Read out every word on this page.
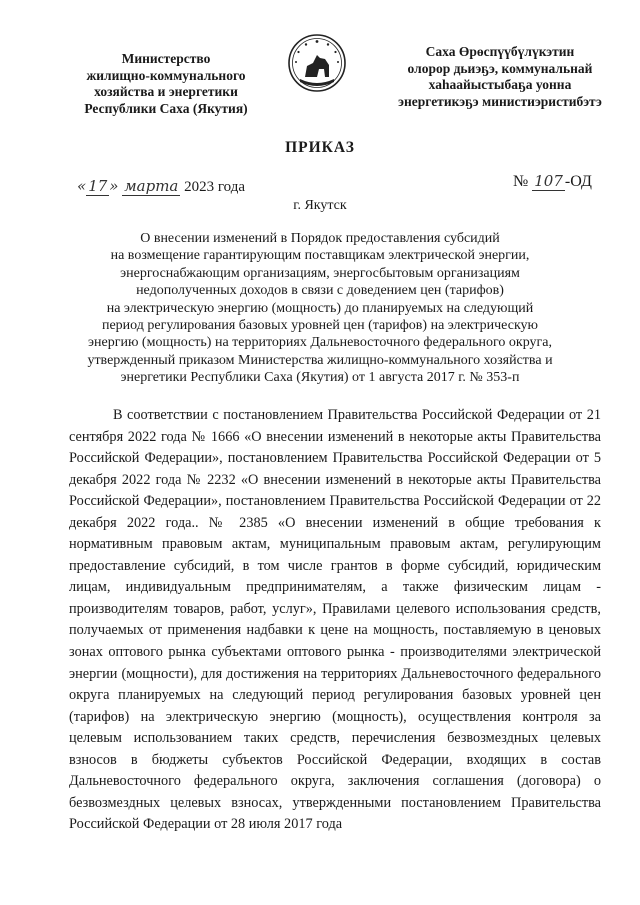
Министерство
жилищно-коммунального
хозяйства и энергетики
Республики Саха (Якутия)
Саха Өрөспүүбүлүкэтин
олорор дьиэҕэ, коммунальнай
хаһаайыстыбаҕа уонна
энергетикэҕэ министиэристибэтэ
ПРИКАЗ
« 17 » марта 2023 года	№ 107 -ОД
г. Якутск
О внесении изменений в Порядок предоставления субсидий
на возмещение гарантирующим поставщикам электрической энергии,
энергоснабжающим организациям, энергосбытовым организациям
недополученных доходов в связи с доведением цен (тарифов)
на электрическую энергию (мощность) до планируемых на следующий
период регулирования базовых уровней цен (тарифов) на электрическую
энергию (мощность) на территориях Дальневосточного федерального округа,
утвержденный приказом Министерства жилищно-коммунального хозяйства и
энергетики Республики Саха (Якутия) от 1 августа 2017 г. № 353-п

В соответствии с постановлением Правительства Российской Федерации от 21 сентября 2022 года № 1666 «О внесении изменений в некоторые акты Правительства Российской Федерации», постановлением Правительства Российской Федерации от 5 декабря 2022 года № 2232 «О внесении изменений в некоторые акты Правительства Российской Федерации», постановлением Правительства Российской Федерации от 22 декабря 2022 года.. № 2385 «О внесении изменений в общие требования к нормативным правовым актам, муниципальным правовым актам, регулирующим предоставление субсидий, в том числе грантов в форме субсидий, юридическим лицам, индивидуальным предпринимателям, а также физическим лицам - производителям товаров, работ, услуг», Правилами целевого использования средств, получаемых от применения надбавки к цене на мощность, поставляемую в ценовых зонах оптового рынка субъектами оптового рынка - производителями электрической энергии (мощности), для достижения на территориях Дальневосточного федерального округа планируемых на следующий период регулирования базовых уровней цен (тарифов) на электрическую энергию (мощность), осуществления контроля за целевым использованием таких средств, перечисления безвозмездных целевых взносов в бюджеты субъектов Российской Федерации, входящих в состав Дальневосточного федерального округа, заключения соглашения (договора) о безвозмездных целевых взносах, утвержденными постановлением Правительства Российской Федерации от 28 июля 2017 года
